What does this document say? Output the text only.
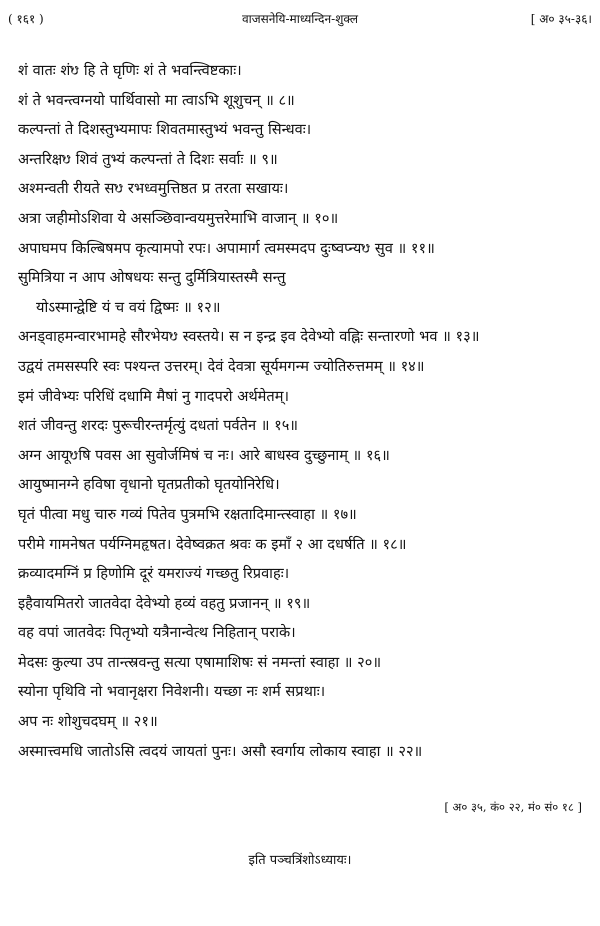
( १६१ )	वाजसनेयि-माध्यन्दिन-शुक्ल	[ अ० ३५-३६।
शं वातः शंᳪ हि ते घृणिः शं ते भवन्त्विष्टकाः।
शं ते भवन्त्वग्नयो पार्थिवासो मा त्वाऽभि शूशुचन् ॥ ८॥
कल्पन्तां ते दिशस्तुभ्यमापः शिवतमास्तुभ्यं भवन्तु सिन्धवः।
अन्तरिक्षᳪ शिवं तुभ्यं कल्पन्तां ते दिशः सर्वाः ॥ ९॥
अश्मन्वती रीयते सᳪ रभध्वमुत्तिष्ठत प्र तरता सखायः।
अत्रा जहीमोऽशिवा ये असञ्छिवान्वयमुत्तरेमाभि वाजान् ॥ १०॥
अपाघमप किल्बिषमप कृत्यामपो रपः। अपामार्ग त्वमस्मदप दुःष्वप्न्यᳪ सुव ॥ ११॥
सुमित्रिया न आप ओषधयः सन्तु दुर्मित्रियास्तस्मै सन्तु
योऽस्मान्द्वेष्टि यं च वयं द्विष्मः ॥ १२॥
अनड्वाहमन्वारभामहे सौरभेयᳪ स्वस्तये। स न इन्द्र इव देवेभ्यो वह्निः सन्तारणो भव ॥ १३॥
उद्वयं तमसस्परि स्वः पश्यन्त उत्तरम्। देवं देवत्रा सूर्यमगन्म ज्योतिरुत्तमम् ॥ १४॥
इमं जीवेभ्यः परिधिं दधामि मैषां नु गादपरो अर्थमेतम्।
शतं जीवन्तु शरदः पुरूचीरन्तर्मृत्युं दधतां पर्वतेन ॥ १५॥
अग्न आयूᳪषि पवस आ सुवोर्जमिषं च नः। आरे बाधस्व दुच्छुनाम् ॥ १६॥
आयुष्मानग्ने हविषा वृधानो घृतप्रतीको घृतयोनिरेधि।
घृतं पीत्वा मधु चारु गव्यं पितेव पुत्रमभि रक्षतादिमान्त्स्वाहा ॥ १७॥
परीमे गामनेषत पर्यग्निमहृषत। देवेष्वक्रत श्रवः क इमाँ २ आ दधर्षति ॥ १८॥
क्रव्यादमग्निं प्र हिणोमि दूरं यमराज्यं गच्छतु रिप्रवाहः।
इहैवायमितरो जातवेदा देवेभ्यो हव्यं वहतु प्रजानन् ॥ १९॥
वह वपां जातवेदः पितृभ्यो यत्रैनान्वेत्थ निहितान् पराके।
मेदसः कुल्या उप तान्त्स्रवन्तु सत्या एषामाशिषः सं नमन्तां स्वाहा ॥ २०॥
स्योना पृथिवि नो भवानृक्षरा निवेशनी। यच्छा नः शर्म सप्रथाः।
अप नः शोशुचदघम् ॥ २१॥
अस्मात्त्वमधि जातोऽसि त्वदयं जायतां पुनः। असौ स्वर्गाय लोकाय स्वाहा ॥ २२॥
[ अ० ३५, कं० २२, मं० सं० १८ ]
इति पञ्चत्रिंशोऽध्यायः।
